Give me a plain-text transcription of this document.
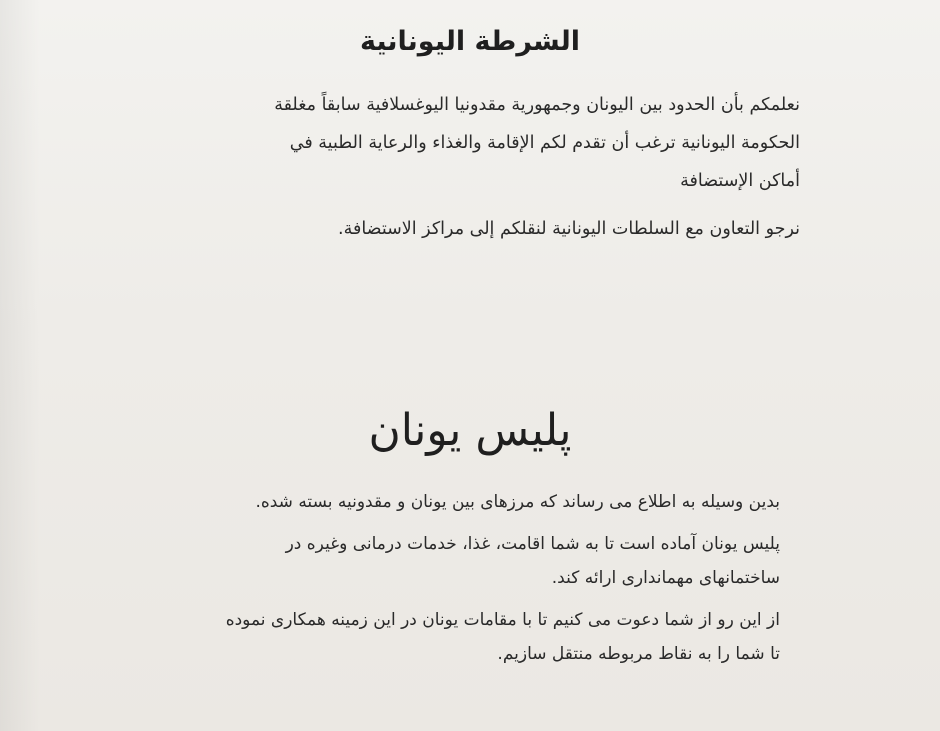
الشرطة اليونانية

نعلمكم بأن الحدود بين اليونان وجمهورية مقدونيا اليوغسلافية سابقاً مغلقة

الحكومة اليونانية ترغب أن تقدم لكم الإقامة والغذاء والرعاية الطبية في

أماكن الإستضافة

نرجو التعاون مع السلطات اليونانية لنقلكم إلى مراكز الاستضافة.

پلیس یونان

بدین وسیله به اطلاع می رساند که مرزهای بین یونان و مقدونیه بسته شده.

پلیس یونان آماده است تا به شما اقامت، غذا، خدمات درمانی وغیره در

ساختمانهای مهمانداری ارائه کند.

از این رو از شما دعوت می کنیم تا با مقامات یونان در این زمینه همکاری نموده

تا شما را به نقاط مربوطه منتقل سازیم.
